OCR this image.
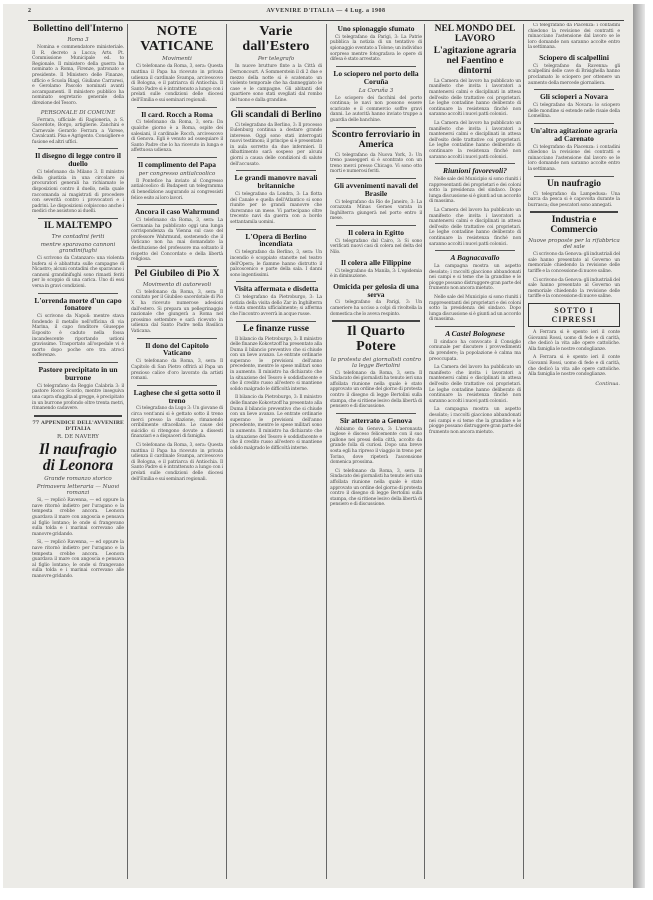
2	AVVENIRE D'ITALIA — 4 Lug. a 1908
Bollettino dell'Interno
Roma 3
Nomina e commendatore ministeriale. Il R. decreto a Lucca; Arts. Pt. Commissione Municipale ed. to Regionale. Il ministero della guerra ha nominato a Roma, Firenze, patronato e presidente. Il Ministero delle Finanze, ufficio e Scuola Biagi, Giuliano Carraresi, e Gerolamo Pascolo nominati avanti accampamenti. Il ministero pubblico ha nominato segretario generale della direzione del Tesoro.
PERSONALE DI COMUNE
Ferrara, ufficiale di Ragioneria, a S. Sacerdote, Borgo, artiglierie. Zanchini e Carnevale Gerardo Ferrara a Varese, Cavalcanti. Pisa e Agrigento. Consigliere e fusione ed altri uffici.
Il disegno di legge contro il duello
Ci telefonano da Milano 3. Il ministro della giustizia in una circolare ai procuratori generali ha richiamato le disposizioni contro il duello, nella quale raccomanda ai magistrati di procedere con severità contro i provocatori e i padrini. Le disposizioni colpiscono anche i medici che assistono ai duelli.
IL MALTEMPO
Tre contadini feriti
mentre sparavano cannoni grandinifughi
Ci scrivono da Catanzaro: una violenta bufera si è abbattuta sulle campagne di Nicastro; alcuni contadini che sparavano i cannoni grandinifughi sono rimasti feriti per lo scoppio di una carica. Uno di essi versa in gravi condizioni.
L'orrenda morte d'un capo fonatore
Ci scrivono da Napoli: mentre stava fondendo il metallo nell'officina di via Marina, il capo fonditore Giuseppe Esposito è caduto nella fossa incandescente riportando ustioni gravissime. Trasportato all'ospedale vi è morto dopo poche ore tra atroci sofferenze.
Pastore precipitato in un burrone
Ci telegrafano da Reggio Calabria 3: il pastore Rocco Scordo, mentre inseguiva una capra sfuggita al gregge, è precipitato in un burrone profondo oltre trenta metri, rimanendo cadavere.
77 APPENDICE DELL'AVVENIRE D'ITALIA
R. DE NAVERY
Il naufragio di Leonora
Grande romanzo storico
Primavera letteraria — Nuovi romanzi
Si, — replicò Ravenna, — ed oppure la nave ritornò indietro per l'uragano e la tempesta crebbe ancora. Leonora guardava il mare con angoscia e pensava al figlio lontano; le onde si frangevano sulla tolda e i marinai correvano alle manovre gridando.
Si, — replicò Ravenna, — ed oppure la nave ritornò indietro per l'uragano e la tempesta crebbe ancora. Leonora guardava il mare con angoscia e pensava al figlio lontano; le onde si frangevano sulla tolda e i marinai correvano alle manovre gridando.
NOTE VATICANE
Movimenti
Ci telefonano da Roma, 3, sera: Questa mattina il Papa ha ricevuto in privata udienza il cardinale Svampa, arcivescovo di Bologna, e il patriarca di Antiochia. Il Santo Padre si è intrattenuto a lungo con i prelati sulle condizioni delle diocesi dell'Emilia e sui seminari regionali.
Il card. Rocch a Roma
Ci telefonano da Roma, 3, sera: Da qualche giorno è a Roma, ospite dei salesiani, il cardinale Rocch, arcivescovo di Genova. Egli è venuto ad ossequiare il Santo Padre che lo ha ricevuto in lunga e affettuosa udienza.
Il complimento del Papa
per congresso antialcoolico
Il Pontefice ha inviato al Congresso antialcoolico di Budapest un telegramma di benedizione augurando ai congressisti felice esito ai loro lavori.
Ancora il caso Wahrmund
Ci telefonano da Roma, 3, sera: La Germania ha pubblicato oggi una lunga corrispondenza da Vienna sul caso del professore Wahrmund, sostenendo che il Vaticano non ha mai domandato la destituzione del professore ma soltanto il rispetto del Concordato e della libertà religiosa.
Pel Giubileo di Pio X
Movimento di autorevoli
Ci telefonano da Roma, 3, sera: Il comitato per il Giubileo sacerdotale di Pio X ha ricevuto numerose adesioni dall'estero. Si prepara un pellegrinaggio nazionale che giungerà a Roma nel prossimo settembre e sarà ricevuto in udienza dal Santo Padre nella Basilica Vaticana.
Il dono del Capitolo Vaticano
Ci telefonano da Roma, 3, sera: Il Capitolo di San Pietro offrirà al Papa un prezioso calice d'oro lavorato da artisti romani.
Laghese che si getta sotto il treno
Ci telegrafano da Lugo 3: Un giovane di circa vent'anni si è gettato sotto il treno merci presso la stazione, rimanendo orribilmente sfracellato. Le cause del suicidio si ritengono dovute a dissesti finanziari e a dispiaceri di famiglia.
Ci telefonano da Roma, 3, sera: Questa mattina il Papa ha ricevuto in privata udienza il cardinale Svampa, arcivescovo di Bologna, e il patriarca di Antiochia. Il Santo Padre si è intrattenuto a lungo con i prelati sulle condizioni delle diocesi dell'Emilia e sui seminari regionali.
Varie dall'Estero
Per telegrafo
In nuove brutture finte a la Città di Dernoncourt. A Sommerstein il di 2 due e mezzo della notte si è scatenato un violento temporale che ha danneggiato le case e le campagne. Gli abitanti del quartiere sono stati svegliati dal rombo del tuono e dalla grandine.
Gli scandali di Berlino
Ci telegrafano da Berlino, 3: Il processo Eulenburg continua a destare grande interesse. Oggi sono stati interrogati nuovi testimoni; il principe si è presentato in aula sorretto da due infermieri. Il dibattimento sarà sospeso per alcuni giorni a causa delle condizioni di salute dell'accusato.
Le grandi manovre navali britanniche
Ci telegrafano da Londra, 3: La flotta del Canale e quella dell'Atlantico si sono riunite per le grandi manovre che dureranno un mese. Vi partecipano oltre trecento navi da guerra con a bordo settantamila uomini.
L'Opera di Berlino incendiata
Ci telegrafano da Berlino, 3, sera: Un incendio è scoppiato stanotte nel teatro dell'Opera; le fiamme hanno distrutto il palcoscenico e parte della sala. I danni sono ingentissimi.
Visita affermata e disdetta
Ci telegrafano da Pietroburgo, 3: La notizia della visita dello Zar in Inghilterra è stata smentita ufficialmente; si afferma che l'incontro avverrà in acque russe.
Le finanze russe
Il bilancio da Pietroburgo, 3: Il ministro delle finanze Kokovtzoff ha presentato alla Duma il bilancio preventivo che si chiude con un lieve avanzo. Le entrate ordinarie superano le previsioni dell'anno precedente, mentre le spese militari sono in aumento. Il ministro ha dichiarato che la situazione del Tesoro è soddisfacente e che il credito russo all'estero si mantiene solido malgrado le difficoltà interne.
Il bilancio da Pietroburgo, 3: Il ministro delle finanze Kokovtzoff ha presentato alla Duma il bilancio preventivo che si chiude con un lieve avanzo. Le entrate ordinarie superano le previsioni dell'anno precedente, mentre le spese militari sono in aumento. Il ministro ha dichiarato che la situazione del Tesoro è soddisfacente e che il credito russo all'estero si mantiene solido malgrado le difficoltà interne.
Uno spionaggio sfumato
Ci telegrafano da Parigi, 3: La Patrie pubblica la notizia di un tentativo di spionaggio sventato a Tolone; un individuo sorpreso mentre fotografava le opere di difesa è stato arrestato.
Lo sciopero nel porto della Coruña
La Coruña 3
Lo sciopero dei facchini del porto continua; le navi non possono essere scaricate e il commercio soffre gravi danni. Le autorità hanno inviato truppe a guardia delle banchine.
Scontro ferroviario in America
Ci telegrafano da Nuova York, 3: Un treno passeggeri si è scontrato con un treno merci presso Chicago. Vi sono otto morti e numerosi feriti.
Gli avvenimenti navali del Brasile
Ci telegrafano da Rio de Janeiro, 3: La corazzata Minas Geraes varata in Inghilterra giungerà nel porto entro il mese.
Il colera in Egitto
Ci telegrafano dal Cairo, 3: Si sono verificati nuovi casi di colera nel delta del Nilo.
Il colera alle Filippine
Ci telegrafano da Manila, 3: L'epidemia è in diminuzione.
Omicida per gelosia di una serva
Ci telegrafano da Parigi, 3: Un cameriere ha ucciso a colpi di rivoltella la domestica che lo aveva respinto.
Il Quarto Potere
la protesta dei giornalisti contro la legge Bertolini
Ci telefonano da Roma, 3, sera: Il Sindacato dei giornalisti ha tenuto ieri una affollata riunione nella quale è stato approvato un ordine del giorno di protesta contro il disegno di legge Bertolini sulla stampa, che si ritiene lesivo della libertà di pensiero e di discussione.
Sir atterrato a Genova
Abbiamo da Genova, 3: L'aeronauta inglese è disceso felicemente con il suo pallone nei pressi della città, accolto da grande folla di curiosi. Dopo una breve sosta egli ha ripreso il viaggio in treno per Torino, dove ripeterà l'ascensione domenica prossima.
Ci telefonano da Roma, 3, sera: Il Sindacato dei giornalisti ha tenuto ieri una affollata riunione nella quale è stato approvato un ordine del giorno di protesta contro il disegno di legge Bertolini sulla stampa, che si ritiene lesivo della libertà di pensiero e di discussione.
NEL MONDO DEL LAVORO
L'agitazione agraria nel Faentino e dintorni
La Camera del lavoro ha pubblicato un manifesto che invita i lavoratori a mantenersi calmi e disciplinati in attesa dell'esito delle trattative coi proprietari. Le leghe contadine hanno deliberato di continuare la resistenza finché non saranno accolti i nuovi patti colonici.
La Camera del lavoro ha pubblicato un manifesto che invita i lavoratori a mantenersi calmi e disciplinati in attesa dell'esito delle trattative coi proprietari. Le leghe contadine hanno deliberato di continuare la resistenza finché non saranno accolti i nuovi patti colonici.
Riunioni favorevoli?
Nelle sale del Municipio si sono riuniti i rappresentanti dei proprietari e dei coloni sotto la presidenza del sindaco. Dopo lunga discussione si è giunti ad un accordo di massima.
La Camera del lavoro ha pubblicato un manifesto che invita i lavoratori a mantenersi calmi e disciplinati in attesa dell'esito delle trattative coi proprietari. Le leghe contadine hanno deliberato di continuare la resistenza finché non saranno accolti i nuovi patti colonici.
A Bagnacavallo
La campagna mostra un aspetto desolato; i raccolti giacciono abbandonati nei campi e si teme che la grandine e le piogge possano distruggere gran parte del frumento non ancora mietuto.
Nelle sale del Municipio si sono riuniti i rappresentanti dei proprietari e dei coloni sotto la presidenza del sindaco. Dopo lunga discussione si è giunti ad un accordo di massima.
A Castel Bolognese
Il sindaco ha convocato il Consiglio comunale per discutere i provvedimenti da prendere; la popolazione è calma ma preoccupata.
La Camera del lavoro ha pubblicato un manifesto che invita i lavoratori a mantenersi calmi e disciplinati in attesa dell'esito delle trattative coi proprietari. Le leghe contadine hanno deliberato di continuare la resistenza finché non saranno accolti i nuovi patti colonici.
La campagna mostra un aspetto desolato; i raccolti giacciono abbandonati nei campi e si teme che la grandine e le piogge possano distruggere gran parte del frumento non ancora mietuto.
Ci telegrafano da Piacenza: i contadini chiedono la revisione dei contratti e minacciano l'astensione dal lavoro se le loro domande non saranno accolte entro la settimana.
Sciopero di scalpellini
Ci telegrafano da Ravenna: gli scalpellini delle cave di Brisighella hanno proclamato lo sciopero per ottenere un aumento della mercede giornaliera.
Gli scioperi a Novara
Ci telegrafano da Novara: lo sciopero delle mondine si estende nelle risaie della Lomellina.
Un'altra agitazione agraria ad Carenato
Ci telegrafano da Piacenza: i contadini chiedono la revisione dei contratti e minacciano l'astensione dal lavoro se le loro domande non saranno accolte entro la settimana.
Un naufragio
Ci telegrafano da Lampedusa: Una barca da pesca si è capovolta durante la burrasca; due pescatori sono annegati.
Industria e Commercio
Nuove proposte per la rifabbrica del sale
Ci scrivono da Genova: gli industriali del sale hanno presentato al Governo un memoriale chiedendo la revisione delle tariffe e la concessione di nuove saline.
Ci scrivono da Genova: gli industriali del sale hanno presentato al Governo un memoriale chiedendo la revisione delle tariffe e la concessione di nuove saline.
SOTTO I CIPRESSI
A Ferrara si è spento ieri il conte Giovanni Rossi, uomo di fede e di carità, che dedicò la vita alle opere cattoliche. Alla famiglia le nostre condoglianze.
A Ferrara si è spento ieri il conte Giovanni Rossi, uomo di fede e di carità, che dedicò la vita alle opere cattoliche. Alla famiglia le nostre condoglianze.
Continua.
